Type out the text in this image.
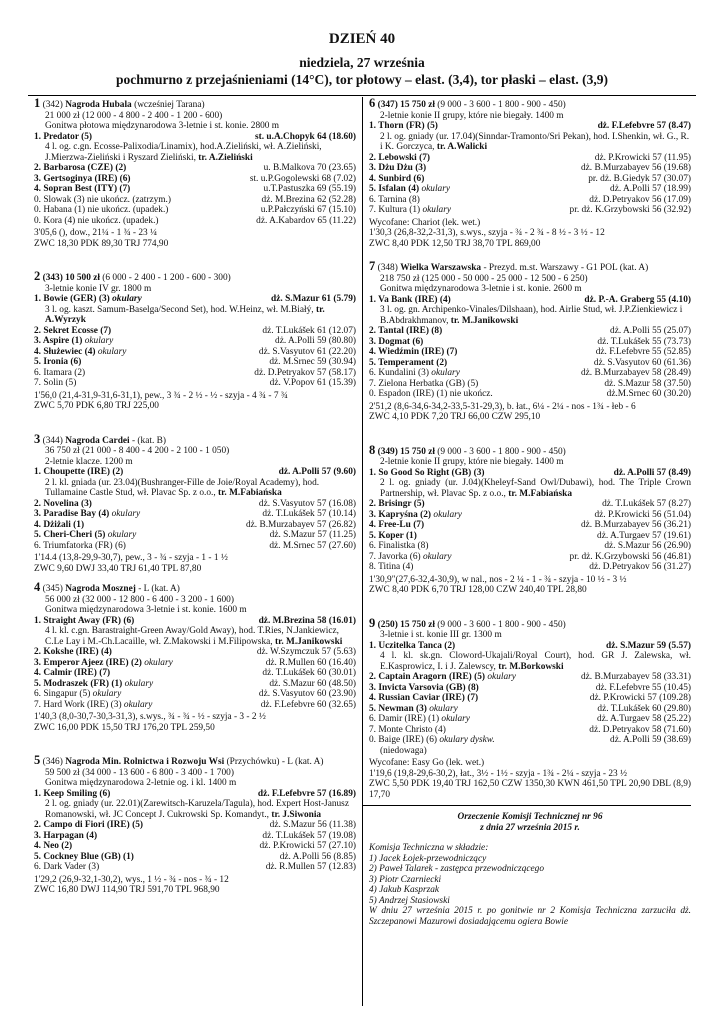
DZIEŃ 40
niedziela, 27 września
pochmurno z przejaśnieniami (14°C), tor płotowy – elast. (3,4), tor płaski – elast. (3,9)
1 (342) Nagroda Hubala (wcześniej Tarana)
21 000 zł (12 000 - 4 800 - 2 400 - 1 200 - 600)
Gonitwa płotowa międzynarodowa 3-letnie i st. konie. 2800 m
1. Predator (5)	st. u.A.Chopyk 64 (18.60)
4 l. og. c.gn. Ecosse-Palixodia/Linamix), hod.A.Zieliński, wł. A.Zieliński, J.Mierzwa-Zieliński i Ryszard Zieliński, tr. A.Zieliński
2. Barbarosa (CZE) (2)	u. B.Malkova 70 (23.65)
3. Gertsoginya (IRE) (6)	st. u.P.Gogolewski 68 (7.02)
4. Sopran Best (ITY) (7)	u.T.Pastuszka 69 (55.19)
0. Slowak (3) nie ukończ. (zatrzym.)	dż. M.Brezina 62 (52.28)
0. Habana (1) nie ukończ. (upadek.)	u.P.Pałczyński 67 (15.10)
0. Kora (4) nie ukończ. (upadek.)	dż. A.Kabardov 65 (11.22)
3'05,6 (), dow., 21¼ - 1 ¾ - 23 ¼
ZWC 18,30 PDK 89,30 TRJ 774,90
2 (343) 10 500 zł (6 000 - 2 400 - 1 200 - 600 - 300)
3-letnie konie IV gr. 1800 m
1. Bowie (GER) (3) okulary	dż. S.Mazur 61 (5.79)
3 l. og. kaszt. Samum-Baselga/Second Set), hod. W.Heinz, wł. M.Białý, tr. A.Wyrzyk
2. Sekret Ecosse (7)	dż. T.Lukášek 61 (12.07)
3. Aspire (1) okulary	dż. A.Polli 59 (80.80)
4. Służewiec (4) okulary	dż. S.Vasyutov 61 (22.20)
5. Ironia (6)	dż. M.Srnec 59 (30.94)
6. Itamara (2)	dż. D.Petryakov 57 (58.17)
7. Solin (5)	dż. V.Popov 61 (15.39)
1'56,0 (21,4-31,9-31,6-31,1), pew., 3 ¾ - 2 ½ - ½ - szyja - 4 ¾ - 7 ¾
ZWC 5,70 PDK 6,80 TRJ 225,00
3 (344) Nagroda Cardei - (kat. B)
36 750 zł (21 000 - 8 400 - 4 200 - 2 100 - 1 050)
2-letnie klacze. 1200 m
1. Choupette (IRE) (2)	dż. A.Polli 57 (9.60)
2 l. kl. gniada (ur. 23.04)(Bushranger-Fille de Joie/Royal Academy), hod. Tullamaine Castle Stud, wł. Plavac Sp. z o.o., tr. M.Fabiańska
2. Novelina (3)	dż. S.Vasyutov 57 (16.08)
3. Paradise Bay (4) okulary	dż. T.Lukášek 57 (10.14)
4. Dżiżali (1)	dż. B.Murzabayev 57 (26.82)
5. Cheri-Cheri (5) okulary	dż. S.Mazur 57 (11.25)
6. Triumfatorka (FR) (6)	dż. M.Srnec 57 (27.60)
1'14.4 (13,8-29,9-30,7), pew., 3 - ¾ - szyja - 1 - 1 ½
ZWC 9,60 DWJ 33,40 TRJ 61,40 TPL 87,80
4 (345) Nagroda Mosznej - L (kat. A)
56 000 zł (32 000 - 12 800 - 6 400 - 3 200 - 1 600)
Gonitwa międzynarodowa 3-letnie i st. konie. 1600 m
1. Straight Away (FR) (6)	dż. M.Brezina 58 (16.01)
4 l. kl. c.gn. Barastraight-Green Away/Gold Away), hod. T.Ries, N.Jankiewicz, C.Le Lay i M.-Ch.Lacaille, wł. Z.Makowski i M.Filipowska, tr. M.Janikowski
2. Kokshe (IRE) (4)	dż. W.Szymczuk 57 (5.63)
3. Emperor Ajeez (IRE) (2) okulary	dż. R.Mullen 60 (16.40)
4. Calmir (IRE) (7)	dż. T.Lukášek 60 (30.01)
5. Modraszek (FR) (1) okulary	dż. S.Mazur 60 (48.50)
6. Singapur (5) okulary	dż. S.Vasyutov 60 (23.90)
7. Hard Work (IRE) (3) okulary	dż. F.Lefebvre 60 (32.65)
1'40,3 (8,0-30,7-30,3-31,3), s.wys., ¾ - ¾ - ½ - szyja - 3 - 2 ½
ZWC 16,00 PDK 15,50 TRJ 176,20 TPL 259,50
5 (346) Nagroda Min. Rolnictwa i Rozwoju Wsi (Przychówku) - L (kat. A)
59 500 zł (34 000 - 13 600 - 6 800 - 3 400 - 1 700)
Gonitwa międzynarodowa 2-letnie og. i kl. 1400 m
1. Keep Smiling (6)	dż. F.Lefebvre 57 (16.89)
2 l. og. gniady (ur. 22.01)(Zarewitsch-Karuzela/Tagula), hod. Expert Host-Janusz Romanowski, wł. JC Concept J. Cukrowski Sp. Komandyt., tr. J.Siwonia
2. Campo di Fiori (IRE) (5)	dż. S.Mazur 56 (11.38)
3. Harpagan (4)	dż. T.Lukášek 57 (19.08)
4. Neo (2)	dż. P.Krowicki 57 (27.10)
5. Cockney Blue (GB) (1)	dż. A.Polli 56 (8.85)
6. Dark Vader (3)	dż. R.Mullen 57 (12.83)
1'29,2 (26,9-32,1-30,2), wys., 1 ½ - ¾ - nos - ¾ - 12
ZWC 16,80 DWJ 114,90 TRJ 591,70 TPL 968,90
6 (347) 15 750 zł (9 000 - 3 600 - 1 800 - 900 - 450)
2-letnie konie II grupy, które nie biegały. 1400 m
1. Thorn (FR) (5)	dż. F.Lefebvre 57 (8.47)
2 l. og. gniady (ur. 17.04)(Sinndar-Tramonto/Sri Pekan), hod. I.Shenkin, wł. G., R. i K. Gorczyca, tr. A.Walicki
2. Lebowski (7)	dż. P.Krowicki 57 (11.95)
3. Dżu Dżu (3)	dż. B.Murzabayev 56 (19.68)
4. Sunbird (6)	pr. dż. B.Giedyk 57 (30.07)
5. Isfalan (4) okulary	dż. A.Polli 57 (18.99)
6. Tarnina (8)	dż. D.Petryakov 56 (17.09)
7. Kultura (1) okulary	pr. dż. K.Grzybowski 56 (32.92)
Wycofane: Chariot (lek. wet.)
1'30,3 (26,8-32,2-31,3), s.wys., szyja - ¾ - 2 ¾ - 8 ½ - 3 ½ - 12
ZWC 8,40 PDK 12,50 TRJ 38,70 TPL 869,00
7 (348) Wielka Warszawska - Prezyd. m.st. Warszawy - G1 POL (kat. A)
218 750 zł (125 000 - 50 000 - 25 000 - 12 500 - 6 250)
Gonitwa międzynarodowa 3-letnie i st. konie. 2600 m
1. Va Bank (IRE) (4)	dż. P.-A. Graberg 55 (4.10)
3 l. og. gn. Archipenko-Vinales/Dilshaan), hod. Airlie Stud, wł. J.P.Zienkiewicz i B.Abdrakhmanov, tr. M.Janikowski
2. Tantal (IRE) (8)	dż. A.Polli 55 (25.07)
3. Dogmat (6)	dż. T.Lukášek 55 (73.73)
4. Wiedźmin (IRE) (7)	dż. F.Lefebvre 55 (52.85)
5. Temperament (2)	dż. S.Vasyutov 60 (61.36)
6. Kundalini (3) okulary	dż. B.Murzabayev 58 (28.49)
7. Zielona Herbatka (GB) (5)	dż. S.Mazur 58 (37.50)
0. Espadon (IRE) (1) nie ukończ.	dż.M.Srnec 60 (30.20)
2'51,2 (8,6-34,6-34,2-33,5-31-29,3), b. łat., 6¼ - 2¼ - nos - 1¾ - łeb - 6
ZWC 4,10 PDK 7,20 TRJ 66,00 CZW 295,10
8 (349) 15 750 zł (9 000 - 3 600 - 1 800 - 900 - 450)
2-letnie konie II grupy, które nie biegały. 1400 m
1. So Good So Right (GB) (3)	dż. A.Polli 57 (8.49)
2 l. og. gniady (ur. J.04)(Kheleyf-Sand Owl/Dubawi), hod. The Triple Crown Partnership, wł. Plavac Sp. z o.o., tr. M.Fabiańska
2. Brisingr (5)	dż. T.Lukášek 57 (8.27)
3. Kapryśna (2) okulary	dż. P.Krowicki 56 (51.04)
4. Free-Lu (7)	dż. B.Murzabayev 56 (36.21)
5. Koper (1)	dż. A.Turgaev 57 (19.61)
6. Finalistka (8)	dż. S.Mazur 56 (26.90)
7. Javorka (6) okulary	pr. dż. K.Grzybowski 56 (46.81)
8. Titina (4)	dż. D.Petryakov 56 (31.27)
1'30,9"(27,6-32,4-30,9), w nal., nos - 2 ¼ - 1 - ¾ - szyja - 10 ½ - 3 ½
ZWC 8,40 PDK 6,70 TRJ 128,00 CZW 240,40 TPL 28,80
9 (250) 15 750 zł (9 000 - 3 600 - 1 800 - 900 - 450)
3-letnie i st. konie III gr. 1300 m
1. Uczitelka Tanca (2)	dż. S.Mazur 59 (5.57)
4 l. kl. sk.gn. Cloword-Ukajali/Royal Court), hod. GR J. Zalewska, wł. E.Kasprowicz, I. i J. Zalewscy, tr. M.Borkowski
2. Captain Aragorn (IRE) (5) okulary	dż. B.Murzabayev 58 (33.31)
3. Invicta Varsovia (GB) (8)	dż. F.Lefebvre 55 (10.45)
4. Russian Caviar (IRE) (7)	dż. P.Krowicki 57 (109.28)
5. Newman (3) okulary	dż. T.Lukášek 60 (29.80)
6. Damir (IRE) (1) okulary	dż. A.Turgaev 58 (25.22)
7. Monte Christo (4)	dż. D.Petryakov 58 (71.60)
0. Baige (IRE) (6) okulary dyskw.	dż. A.Polli 59 (38.69)
(niedowaga)
Wycofane: Easy Go (lek. wet.)
1'19,6 (19,8-29,6-30,2), łat., 3½ - 1½ - szyja - 1¾ - 2¼ - szyja - 23 ½
ZWC 5,50 PDK 19,40 TRJ 162,50 CZW 1350,30 KWN 461,50 TPL 20,90 DBL (8,9) 17,70
Orzeczenie Komisji Technicznej nr 96
z dnia 27 września 2015 r.
Komisja Techniczna w składzie:
1) Jacek Łojek-przewodniczący
2) Paweł Talarek - zastępca przewodniczącego
3) Piotr Czarniecki
4) Jakub Kasprzak
5) Andrzej Stasiowski
W dniu 27 września 2015 r. po gonitwie nr 2 Komisja Techniczna zarzuciła dż. Szczepanowi Mazurowi dosiadającemu ogiera Bowie
